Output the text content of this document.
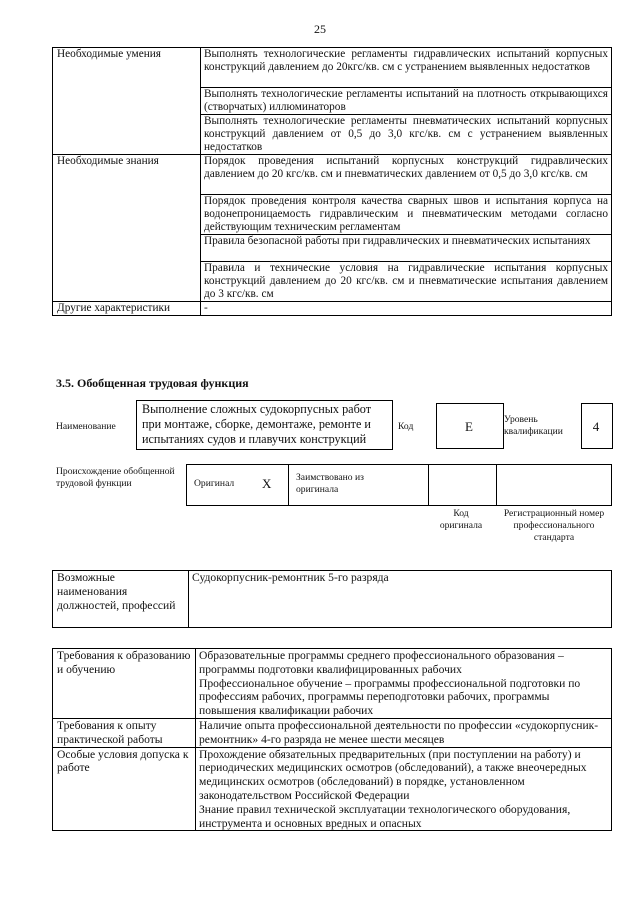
25
Необходимые умения	Выполнять технологические регламенты гидравлических испытаний корпусных конструкций давлением до 20кгс/кв. см с устранением выявленных недостатков
	Выполнять технологические регламенты испытаний на плотность открывающихся (створчатых) иллюминаторов
	Выполнять технологические регламенты пневматических испытаний корпусных конструкций давлением от 0,5 до 3,0 кгс/кв. см с устранением выявленных недостатков
Необходимые знания	Порядок проведения испытаний корпусных конструкций гидравлических давлением до 20 кгс/кв. см и пневматических давлением от 0,5 до 3,0 кгс/кв. см
	Порядок проведения контроля качества сварных швов и испытания корпуса на водонепроницаемость гидравлическим и пневматическим методами согласно действующим техническим регламентам
	Правила безопасной работы при гидравлических и пневматических испытаниях
	Правила и технические условия на гидравлические испытания корпусных конструкций давлением до 20 кгс/кв. см и пневматические испытания давлением до 3 кгс/кв. см
Другие характеристики	-
3.5. Обобщенная трудовая функция
Наименование
Выполнение сложных судокорпусных работ при монтаже, сборке, демонтаже, ремонте и испытаниях судов и плавучих конструкций
Код	E	Уровень квалификации	4
Происхождение обобщенной трудовой функции	Оригинал X	Заимствовано из оригинала
Код оригинала
Регистрационный номер профессионального стандарта
Возможные наименования должностей, профессий	Судокорпусник-ремонтник 5-го разряда
Требования к образованию и обучению	Образовательные программы среднего профессионального образования – программы подготовки квалифицированных рабочих
Профессиональное обучение – программы профессиональной подготовки по профессиям рабочих, программы переподготовки рабочих, программы повышения квалификации рабочих

Требования к опыту практической работы	Наличие опыта профессиональной деятельности по профессии «судокорпусник-ремонтник» 4-го разряда не менее шести месяцев

Особые условия допуска к работе	Прохождение обязательных предварительных (при поступлении на работу) и периодических медицинских осмотров (обследований), а также внеочередных медицинских осмотров (обследований) в порядке, установленном законодательством Российской Федерации
Знание правил технической эксплуатации технологического оборудования, инструмента и основных вредных и опасных
